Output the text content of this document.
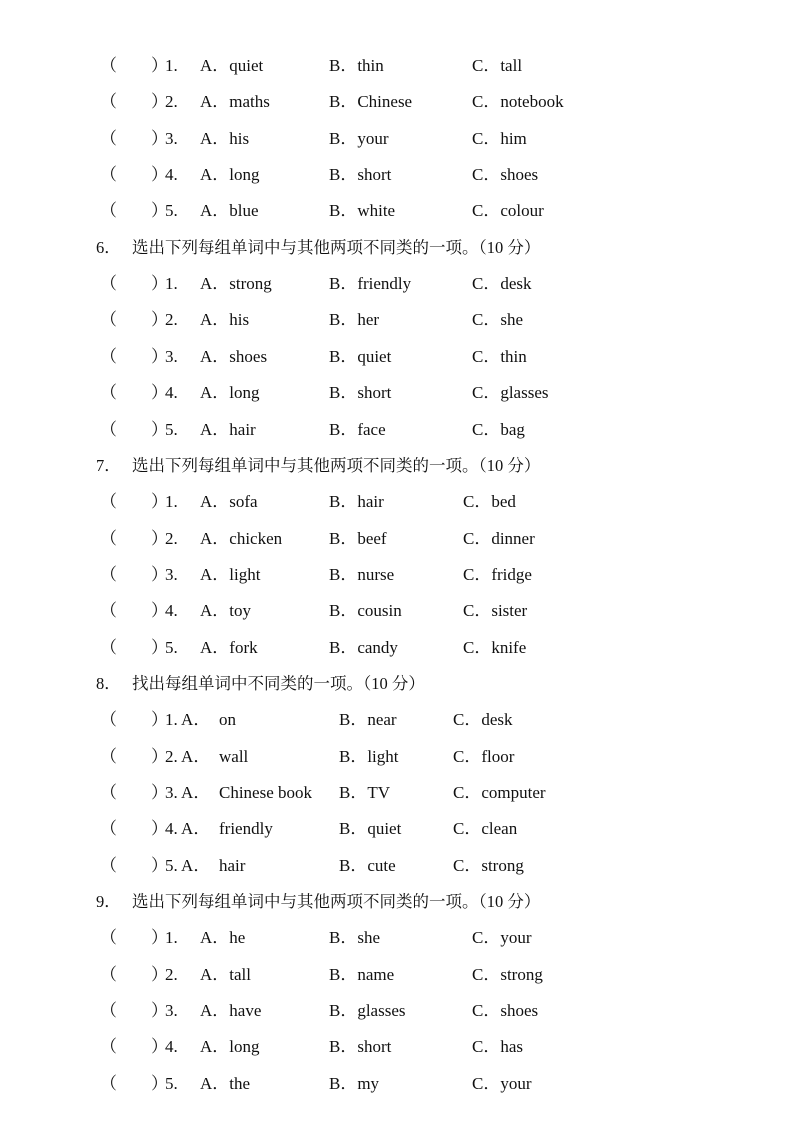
（　　）
1. A．quiet	B．thin	C．tall
（　　）
2. A．maths	B．Chinese	C．notebook
（　　）
3. A．his	B．your	C．him
（　　）
4. A．long	B．short	C．shoes
（　　）
5. A．blue	B．white	C．colour
6． 选出下列每组单词中与其他两项不同类的一项。（10 分）
（　　）
1. A．strong	B．friendly	C．desk
（　　）
2. A．his	B．her	C．she
（　　）
3. A．shoes	B．quiet	C．thin
（　　）
4. A．long	B．short	C．glasses
（　　）
5. A．hair	B．face	C．bag
7． 选出下列每组单词中与其他两项不同类的一项。（10 分）
（　　）
1. A．sofa	B．hair	C．bed
（　　）
2. A．chicken	B．beef	C．dinner
（　　）
3. A．light	B．nurse	C．fridge
（　　）
4. A．toy	B．cousin	C．sister
（　　）
5. A．fork	B．candy	C．knife
8． 找出每组单词中不同类的一项。（10 分）
（　　）
1. A． on	B．near	C．desk
（　　）
2. A． wall	B．light	C．floor
（　　）
3. A． Chinese book B．TV	C．computer
（　　）
4. A． friendly	B．quiet	C．clean
（　　）
5. A． hair	B．cute	C．strong
9． 选出下列每组单词中与其他两项不同类的一项。（10 分）
（　　）
1. A．he	B．she	C．your
（　　）
2. A．tall	B．name	C．strong
（　　）
3. A．have	B．glasses	C．shoes
（　　）
4. A．long	B．short	C．has
（　　）
5. A．the	B．my	C．your
